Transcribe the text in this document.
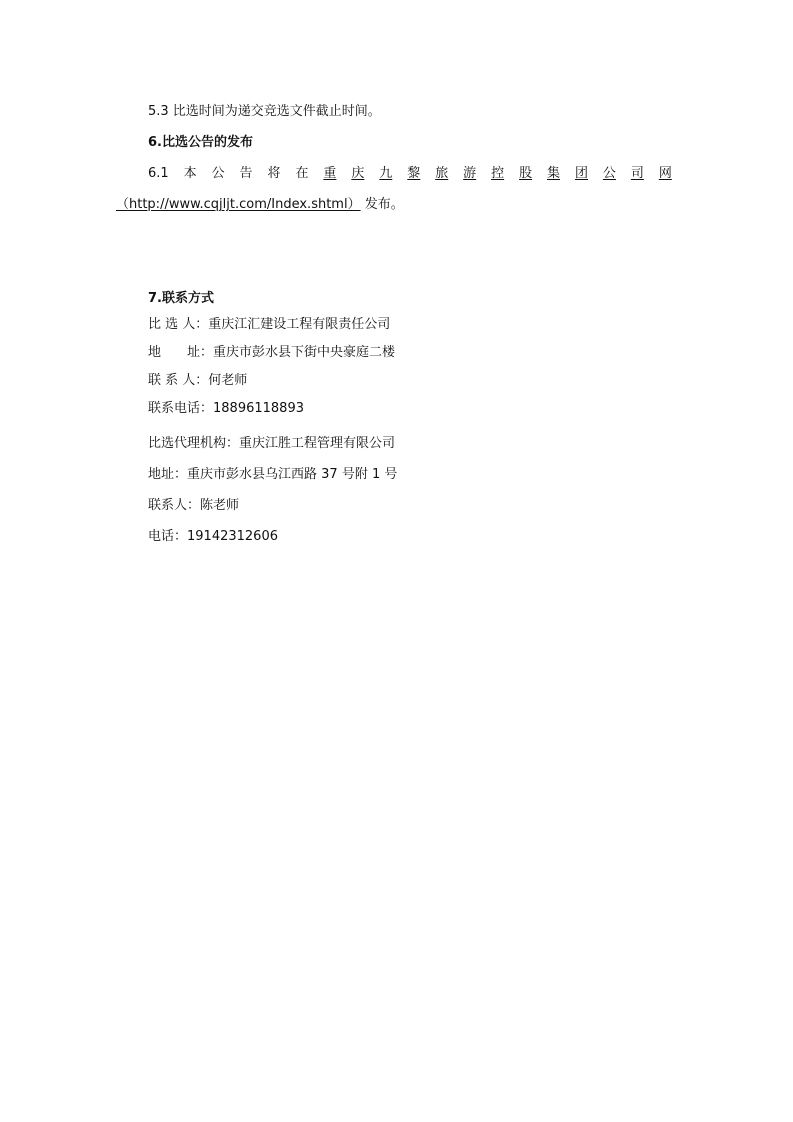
5.3 比选时间为递交竞选文件截止时间。
6.比选公告的发布
6.1 本 公 告 将 在 重 庆 九 黎 旅 游 控 股 集 团 公 司 网
（http://www.cqjljt.com/Index.shtml） 发布。
7.联系方式
比 选 人：重庆江汇建设工程有限责任公司
地　　址：重庆市彭水县下街中央豪庭二楼
联 系 人：何老师
联系电话：18896118893
比选代理机构：重庆江胜工程管理有限公司
地址：重庆市彭水县乌江西路 37 号附 1 号
联系人：陈老师
电话：19142312606
